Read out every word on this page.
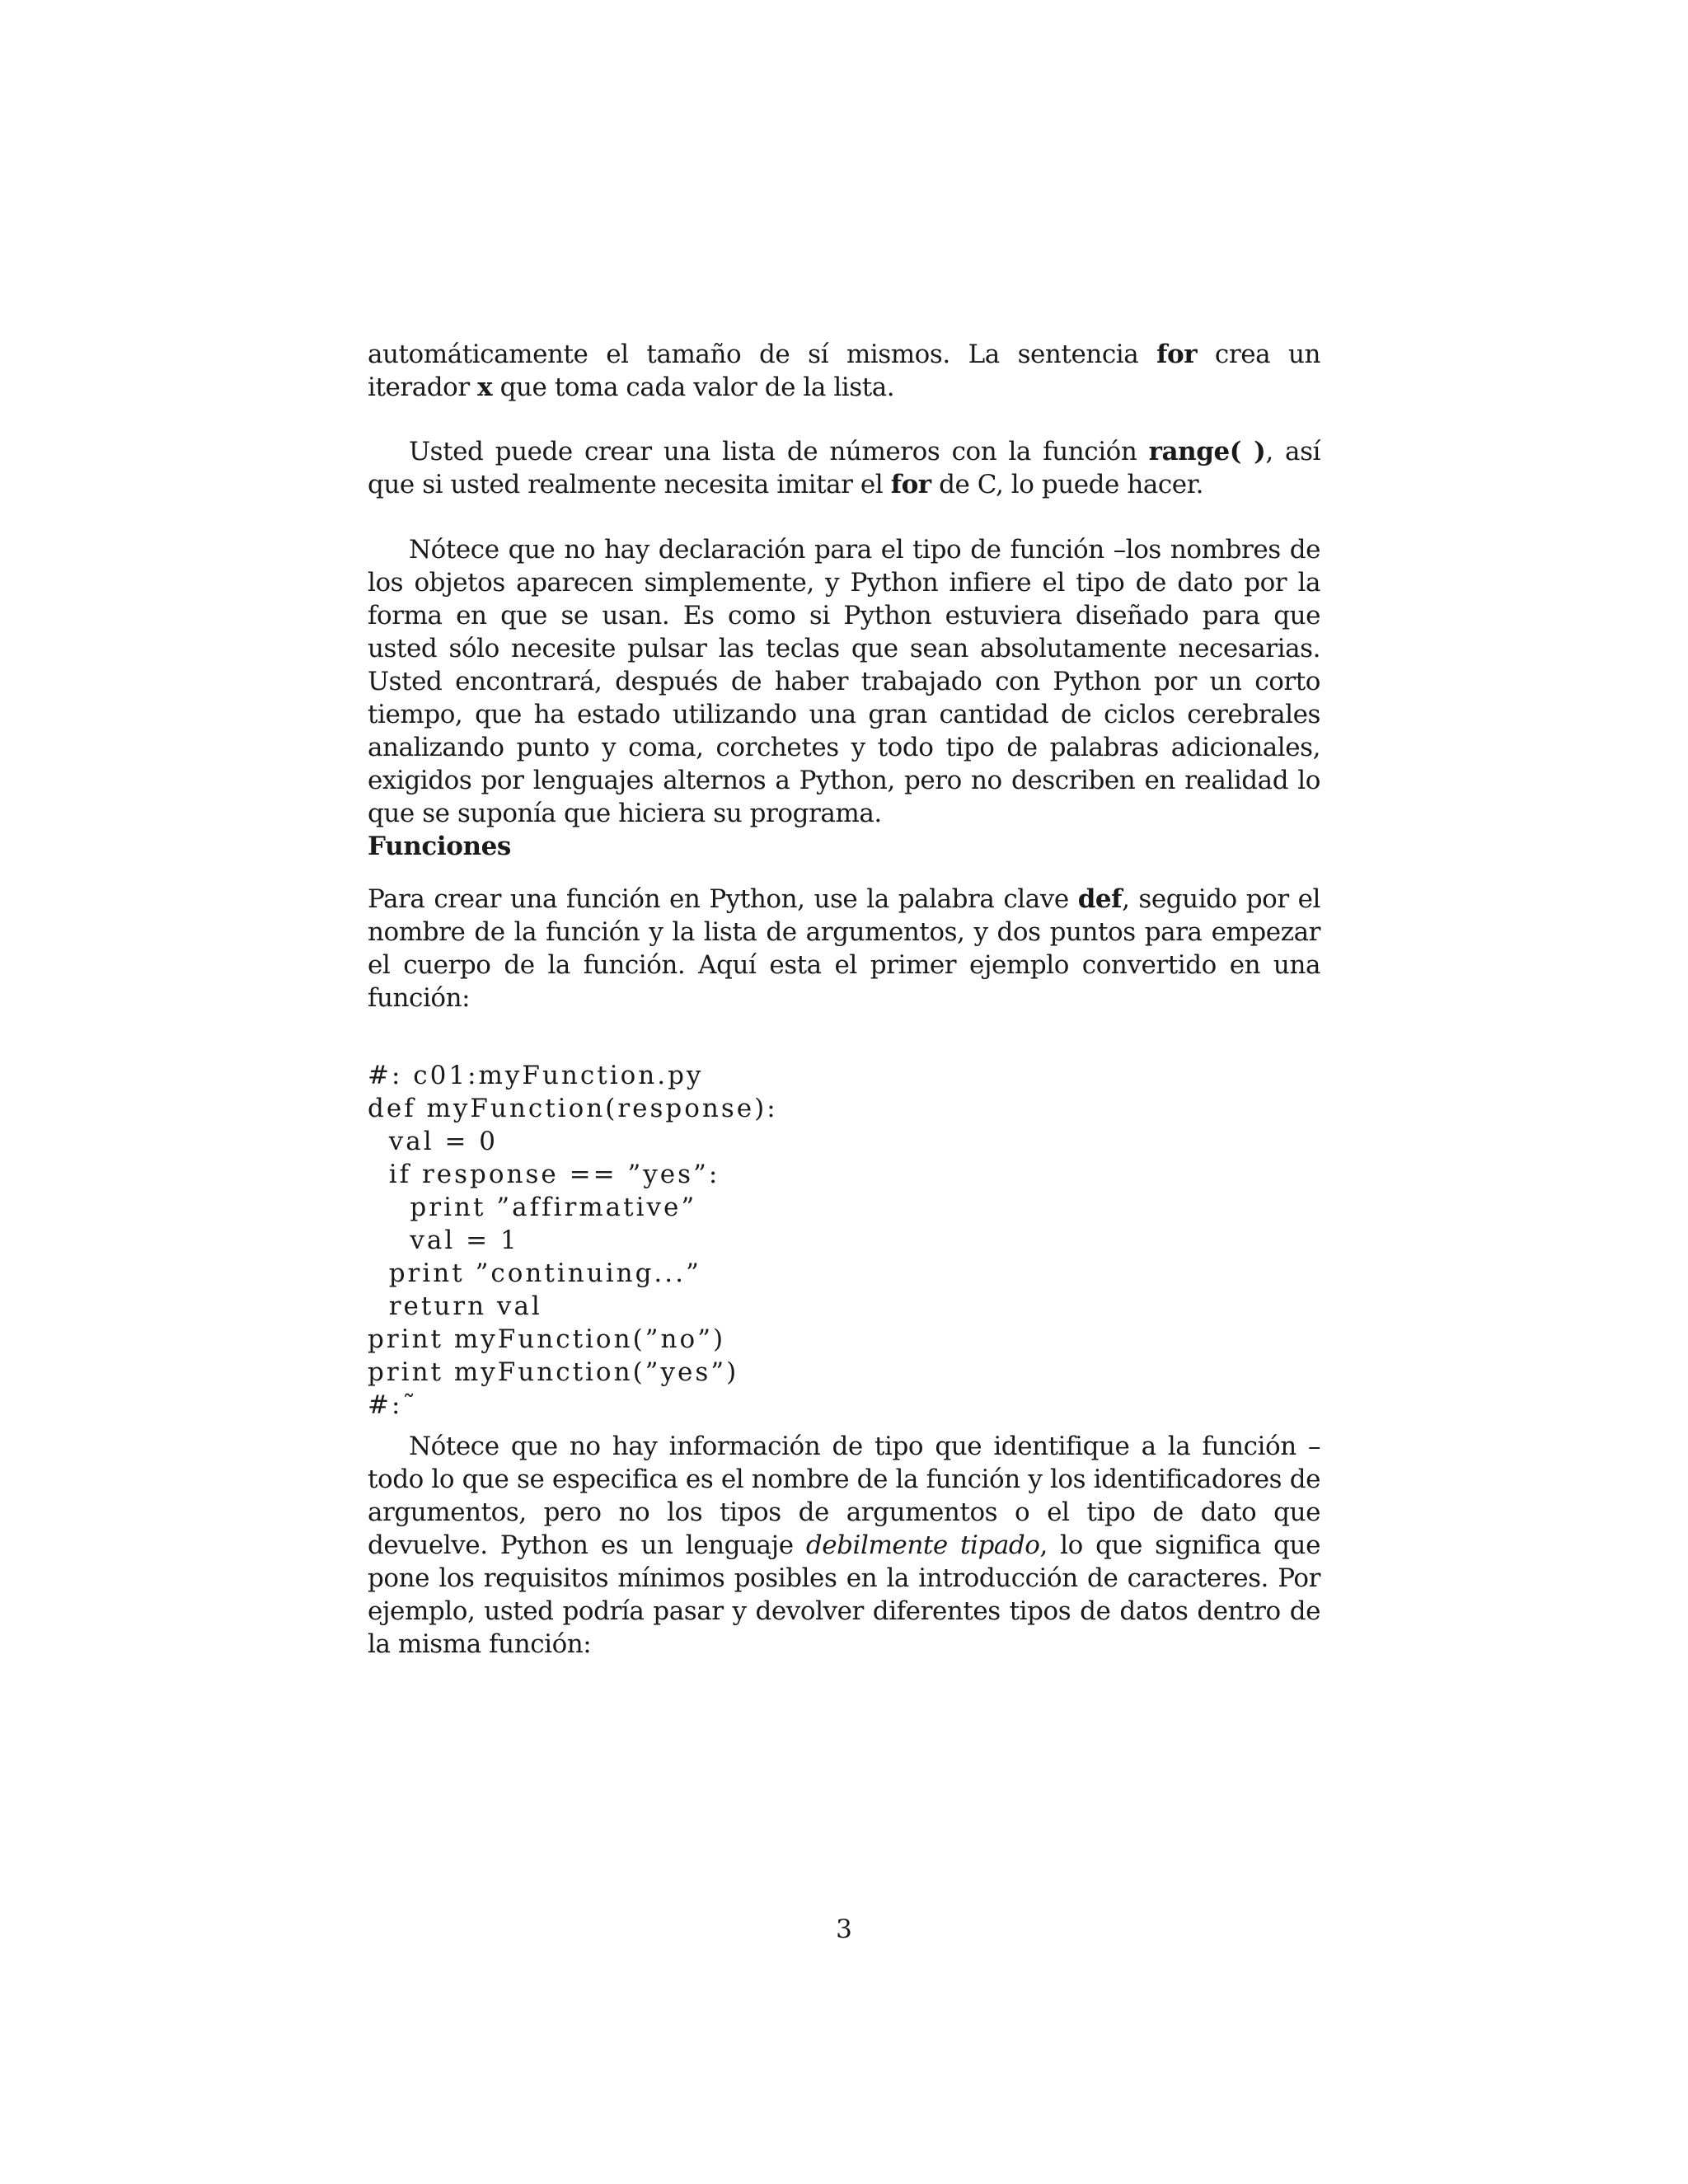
automáticamente el tamaño de sí mismos. La sentencia for crea un iterador x que toma cada valor de la lista.

Usted puede crear una lista de números con la función range( ), así que si usted realmente necesita imitar el for de C, lo puede hacer.

Nótece que no hay declaración para el tipo de función –los nombres de los objetos aparecen simplemente, y Python infiere el tipo de dato por la forma en que se usan. Es como si Python estuviera diseñado para que usted sólo necesite pulsar las teclas que sean absolutamente necesarias. Usted encontrará, después de haber trabajado con Python por un corto tiempo, que ha estado utilizando una gran cantidad de ciclos cerebrales analizando punto y coma, corchetes y todo tipo de palabras adicionales, exigidos por lenguajes alternos a Python, pero no describen en realidad lo que se suponía que hiciera su programa.

Funciones

Para crear una función en Python, use la palabra clave def, seguido por el nombre de la función y la lista de argumentos, y dos puntos para empezar el cuerpo de la función. Aquí esta el primer ejemplo convertido en una función:

#: c01:myFunction.py
def myFunction(response):
val = 0
if response == ”yes”:
print ”affirmative”
val = 1
print ”continuing...”
return val
print myFunction(”no”)
print myFunction(”yes”)
#:˜

Nótece que no hay información de tipo que identifique a la función – todo lo que se especifica es el nombre de la función y los identificadores de argumentos, pero no los tipos de argumentos o el tipo de dato que devuelve. Python es un lenguaje debilmente tipado, lo que significa que pone los requisitos mínimos posibles en la introducción de caracteres. Por ejemplo, usted podría pasar y devolver diferentes tipos de datos dentro de la misma función:

3
